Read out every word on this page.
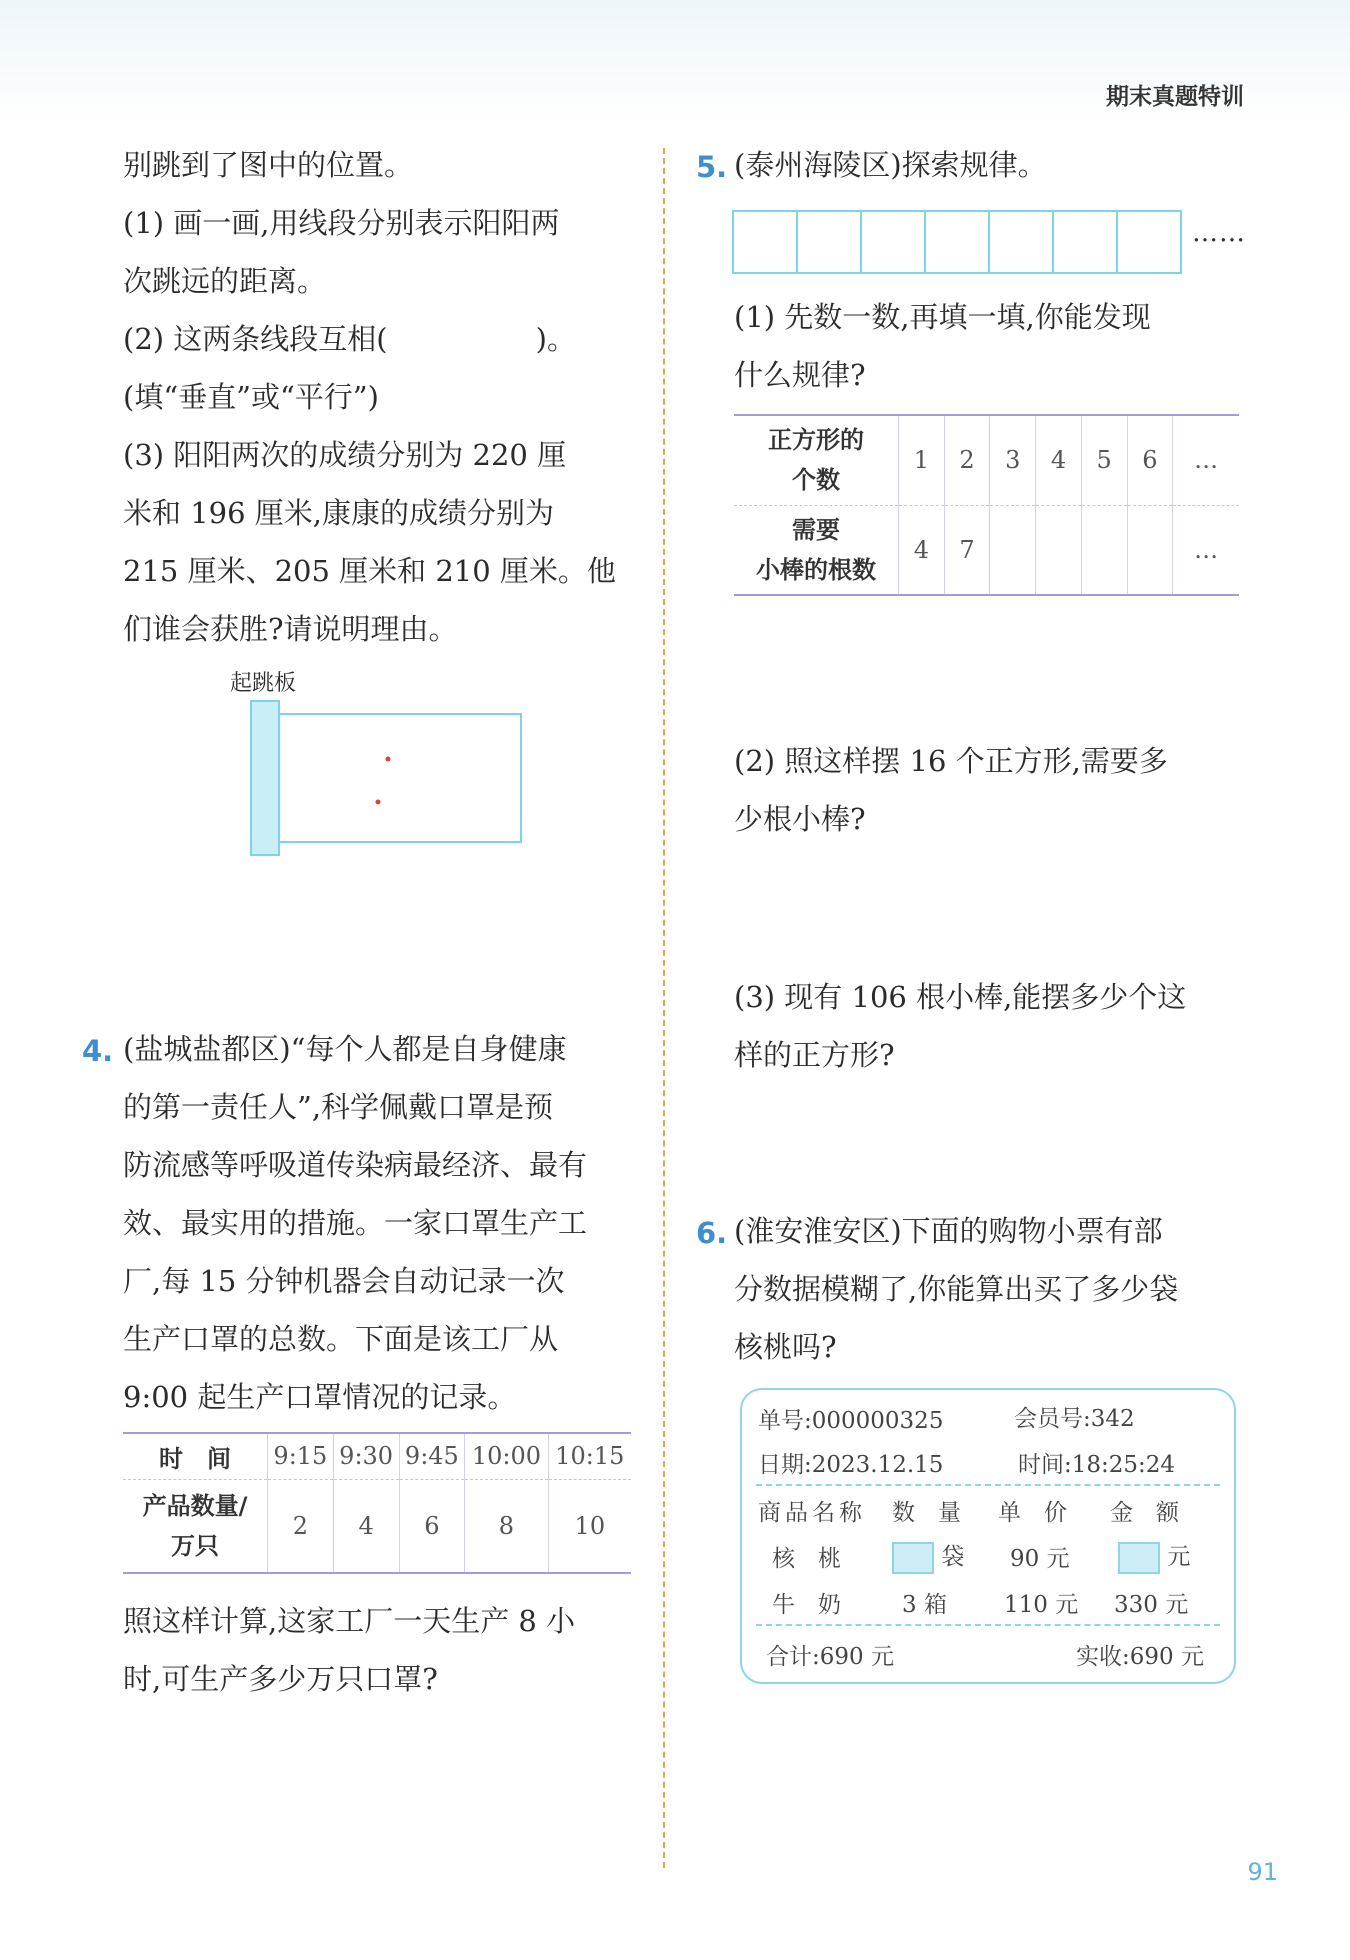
期末真题特训

别跳到了图中的位置。

(1) 画一画,用线段分别表示阳阳两

次跳远的距离。

(2) 这两条线段互相(	)。

(填“垂直”或“平行”)

(3) 阳阳两次的成绩分别为 220 厘

米和 196 厘米,康康的成绩分别为

215 厘米、205 厘米和 210 厘米。他

们谁会获胜?请说明理由。

起跳板
4. (盐城盐都区)“每个人都是自身健康

的第一责任人”,科学佩戴口罩是预

防流感等呼吸道传染病最经济、最有

效、最实用的措施。一家口罩生产工

厂,每 15 分钟机器会自动记录一次

生产口罩的总数。下面是该工厂从

9:00 起生产口罩情况的记录。

时　间	9:15	9:30	9:45	10:00	10:15

产品数量/
万只	2	4	6	8	10

照这样计算,这家工厂一天生产 8 小

时,可生产多少万只口罩?

5. (泰州海陵区)探索规律。

……

(1) 先数一数,再填一填,你能发现

什么规律?

正方形的
个数	1	2	3	4	5	6	…

需要
小棒的根数	4	7					…

(2) 照这样摆 16 个正方形,需要多

少根小棒?

(3) 现有 106 根小棒,能摆多少个这

样的正方形?

6. (淮安淮安区)下面的购物小票有部

分数据模糊了,你能算出买了多少袋

核桃吗?

单号:000000325	会员号:342
日期:2023.12.15	时间:18:25:24
商品名称 数　量 单　价 金　额
核　桃	袋 90 元	元
牛　奶	3 箱 110 元 330 元
合计:690 元	实收:690 元
91
